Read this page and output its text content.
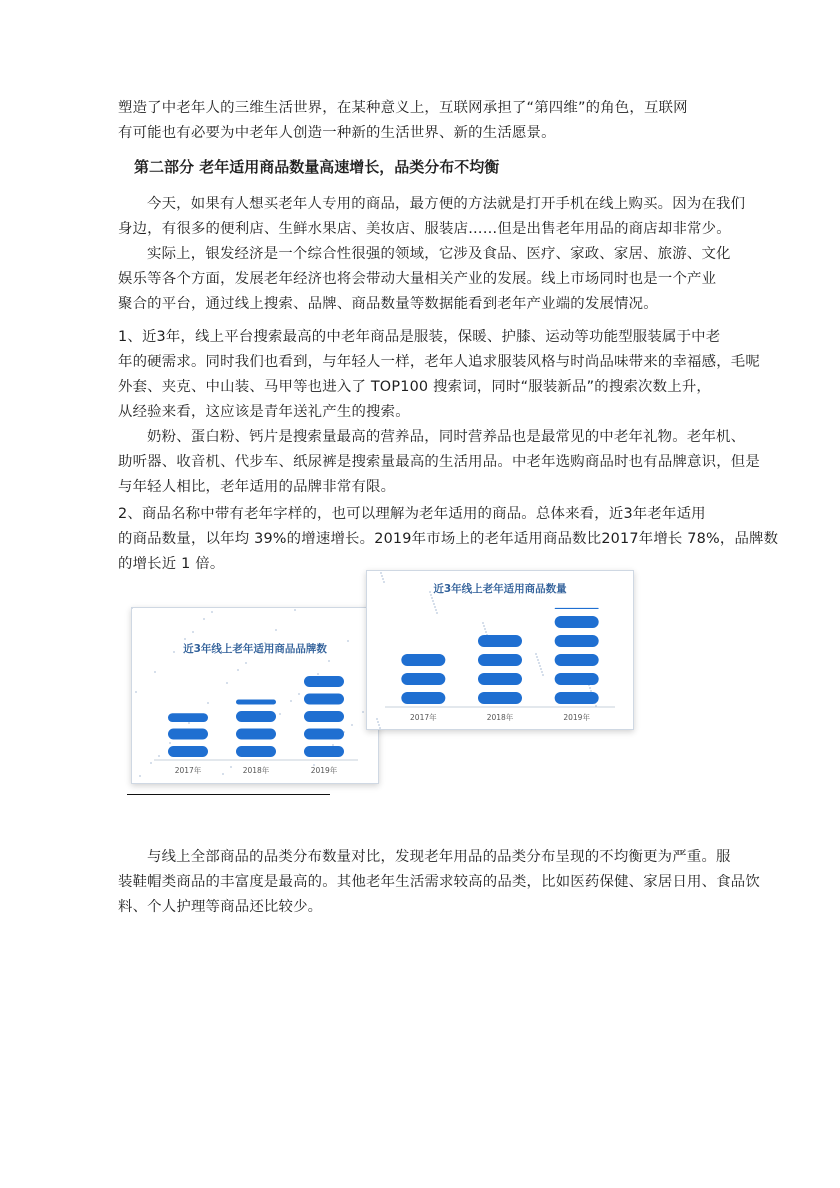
塑造了中老年人的三维生活世界，在某种意义上，互联网承担了“第四维”的角色，互联网
有可能也有必要为中老年人创造一种新的生活世界、新的生活愿景。

第二部分 老年适用商品数量高速增长，品类分布不均衡

今天，如果有人想买老年人专用的商品，最方便的方法就是打开手机在线上购买。因为在我们
身边，有很多的便利店、生鲜水果店、美妆店、服装店……但是出售老年用品的商店却非常少。
实际上，银发经济是一个综合性很强的领域，它涉及食品、医疗、家政、家居、旅游、文化
娱乐等各个方面，发展老年经济也将会带动大量相关产业的发展。线上市场同时也是一个产业
聚合的平台，通过线上搜索、品牌、商品数量等数据能看到老年产业端的发展情况。

1、近3年，线上平台搜索最高的中老年商品是服装，保暖、护膝、运动等功能型服装属于中老
年的硬需求。同时我们也看到，与年轻人一样，老年人追求服装风格与时尚品味带来的幸福感，毛呢
外套、夹克、中山装、马甲等也进入了 TOP100 搜索词，同时“服装新品”的搜索次数上升，
从经验来看，这应该是青年送礼产生的搜索。
奶粉、蛋白粉、钙片是搜索量最高的营养品，同时营养品也是最常见的中老年礼物。老年机、
助听器、收音机、代步车、纸尿裤是搜索量最高的生活用品。中老年选购商品时也有品牌意识，但是
与年轻人相比，老年适用的品牌非常有限。

2、商品名称中带有老年字样的，也可以理解为老年适用的商品。总体来看，近3年老年适用
的商品数量，以年均 39%的增速增长。2019年市场上的老年适用商品数比2017年增长 78%，品牌数
的增长近 1 倍。

近3年线上老年适用商品品牌数
2017年	2018年	2019年
近3年线上老年适用商品数量
2017年	2018年	2019年

与线上全部商品的品类分布数量对比，发现老年用品的品类分布呈现的不均衡更为严重。服
装鞋帽类商品的丰富度是最高的。其他老年生活需求较高的品类，比如医药保健、家居日用、食品饮
料、个人护理等商品还比较少。
